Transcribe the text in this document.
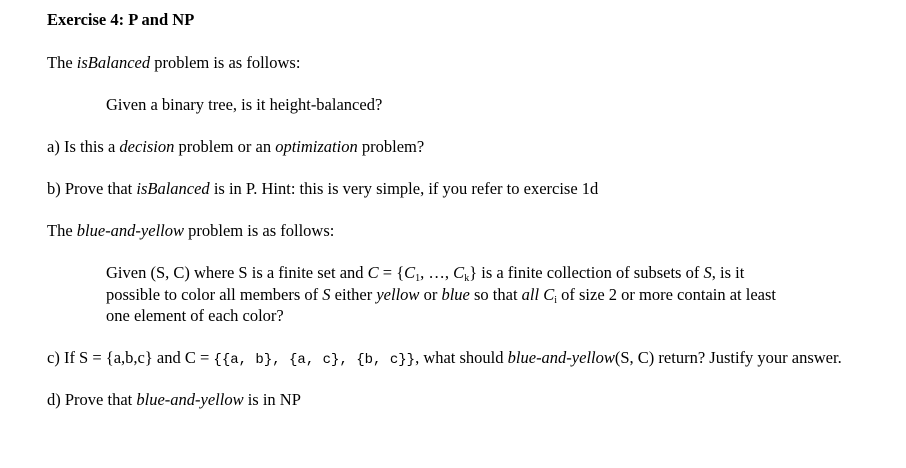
Exercise 4: P and NP
The isBalanced problem is as follows:
Given a binary tree, is it height-balanced?
a) Is this a decision problem or an optimization problem?
b) Prove that isBalanced is in P. Hint: this is very simple, if you refer to exercise 1d
The blue-and-yellow problem is as follows:
Given (S, C) where S is a finite set and $C = \{C_1$, …, $C_k$} is a finite collection of subsets of S, is it
possible to color all members of S either yellow or blue so that all $C_i$ of size 2 or more contain at least
one element of each color?
c) If S = {a,b,c} and C = {{a, b}, {a, c}, {b, c}}, what should blue-and-yellow(S, C) return? Justify your answer.
d) Prove that blue-and-yellow is in NP
